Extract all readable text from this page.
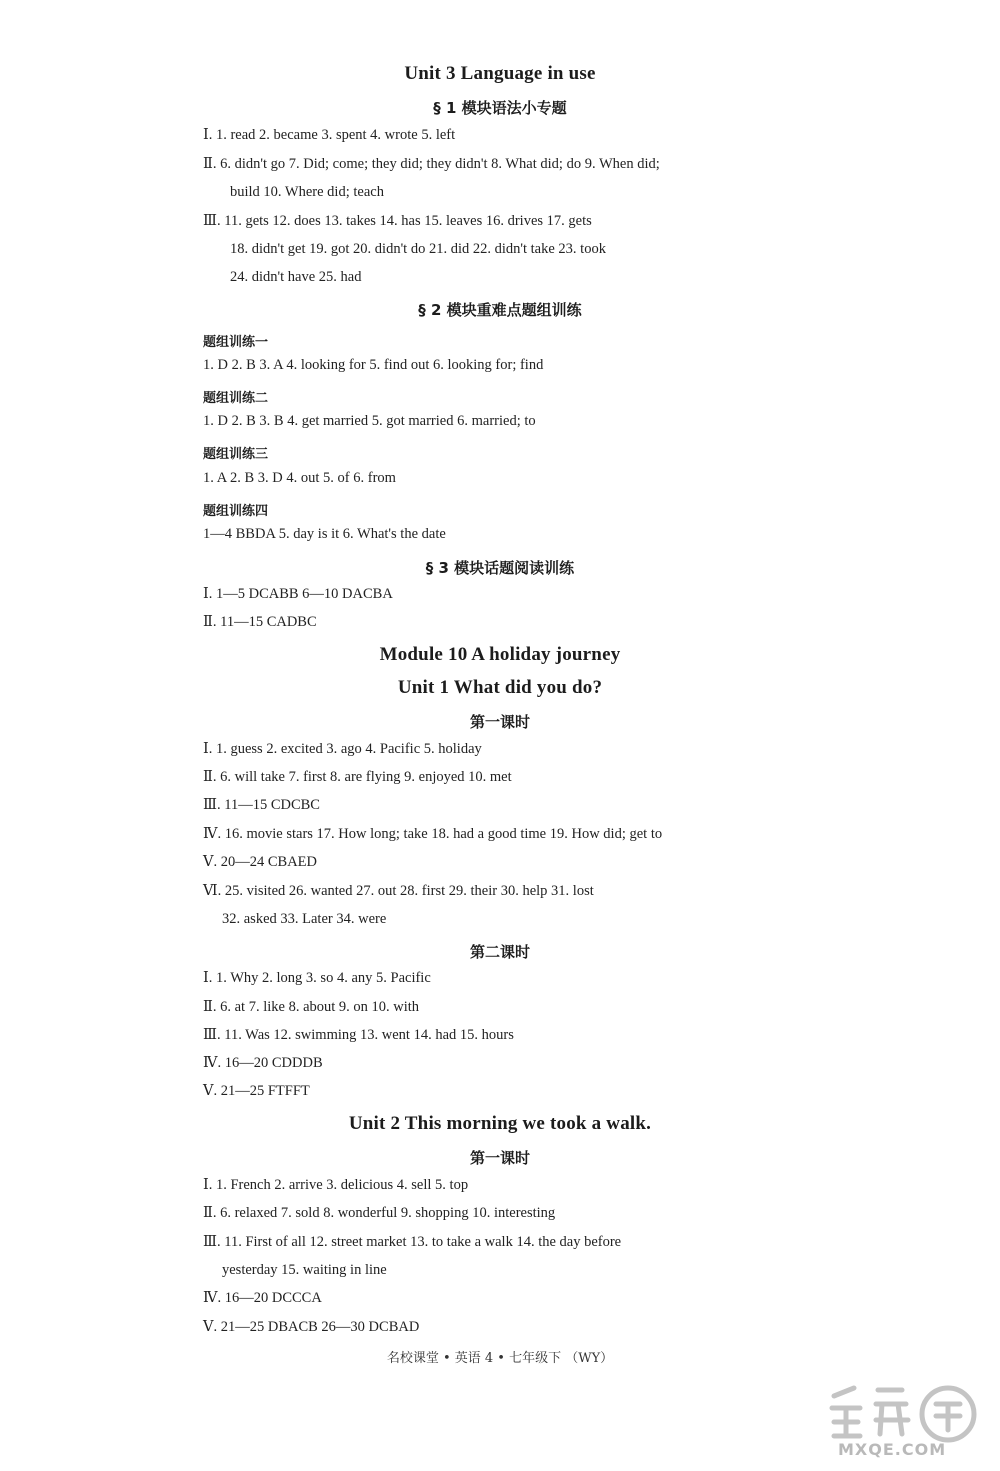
Unit 3 Language in use
§ 1 模块语法小专题
Ⅰ. 1. read 2. became 3. spent 4. wrote 5. left
Ⅱ. 6. didn't go 7. Did; come; they did; they didn't 8. What did; do 9. When did;
build 10. Where did; teach
Ⅲ. 11. gets 12. does 13. takes 14. has 15. leaves 16. drives 17. gets
18. didn't get 19. got 20. didn't do 21. did 22. didn't take 23. took
24. didn't have 25. had
§ 2 模块重难点题组训练
题组训练一
1. D 2. B 3. A 4. looking for 5. find out 6. looking for; find
题组训练二
1. D 2. B 3. B 4. get married 5. got married 6. married; to
题组训练三
1. A 2. B 3. D 4. out 5. of 6. from
题组训练四
1—4 BBDA 5. day is it 6. What's the date
§ 3 模块话题阅读训练
Ⅰ. 1—5 DCABB 6—10 DACBA
Ⅱ. 11—15 CADBC
Module 10 A holiday journey
Unit 1 What did you do?
第一课时
Ⅰ. 1. guess 2. excited 3. ago 4. Pacific 5. holiday
Ⅱ. 6. will take 7. first 8. are flying 9. enjoyed 10. met
Ⅲ. 11—15 CDCBC
Ⅳ. 16. movie stars 17. How long; take 18. had a good time 19. How did; get to
Ⅴ. 20—24 CBAED
Ⅵ. 25. visited 26. wanted 27. out 28. first 29. their 30. help 31. lost
32. asked 33. Later 34. were
第二课时
Ⅰ. 1. Why 2. long 3. so 4. any 5. Pacific
Ⅱ. 6. at 7. like 8. about 9. on 10. with
Ⅲ. 11. Was 12. swimming 13. went 14. had 15. hours
Ⅳ. 16—20 CDDDB
Ⅴ. 21—25 FTFFT
Unit 2 This morning we took a walk.
第一课时
Ⅰ. 1. French 2. arrive 3. delicious 4. sell 5. top
Ⅱ. 6. relaxed 7. sold 8. wonderful 9. shopping 10. interesting
Ⅲ. 11. First of all 12. street market 13. to take a walk 14. the day before
yesterday 15. waiting in line
Ⅳ. 16—20 DCCCA
Ⅴ. 21—25 DBACB 26—30 DCBAD
名校课堂 • 英语 4 • 七年级下 （WY）
MXQE.COM
